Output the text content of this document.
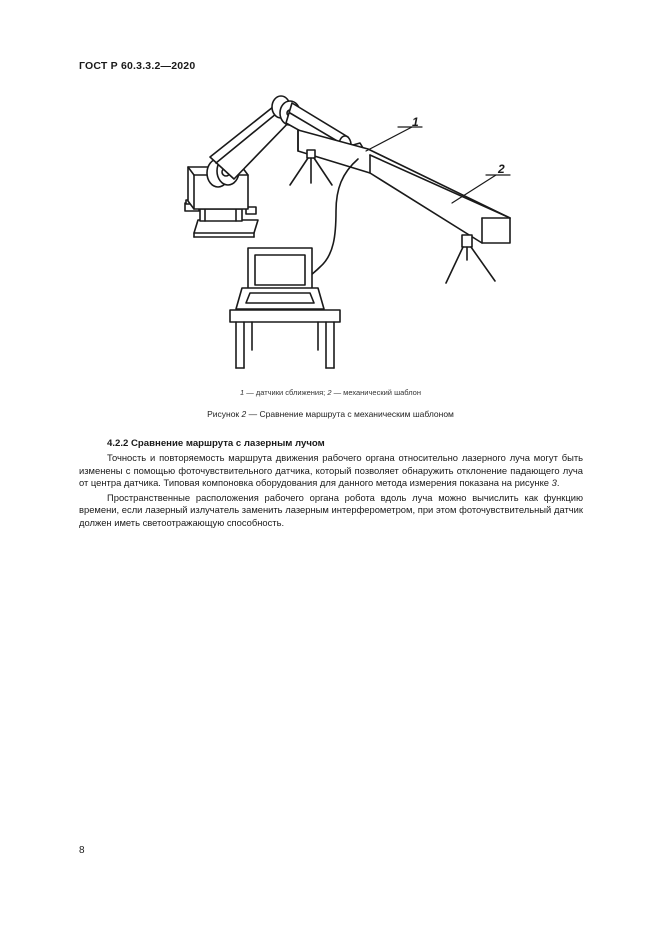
ГОСТ Р 60.3.3.2—2020
1
2
1 — датчики сближения; 2 — механический шаблон
Рисунок 2 — Сравнение маршрута с механическим шаблоном
4.2.2 Сравнение маршрута с лазерным лучом

Точность и повторяемость маршрута движения рабочего органа относительно лазерного луча могут быть изменены с помощью фоточувствительного датчика, который позволяет обнаружить отклонение падающего луча от центра датчика. Типовая компоновка оборудования для данного метода измерения показана на рисунке 3.

Пространственные расположения рабочего органа робота вдоль луча можно вычислить как функцию времени, если лазерный излучатель заменить лазерным интерферометром, при этом фоточувствительный датчик должен иметь светоотражающую способность.

8
